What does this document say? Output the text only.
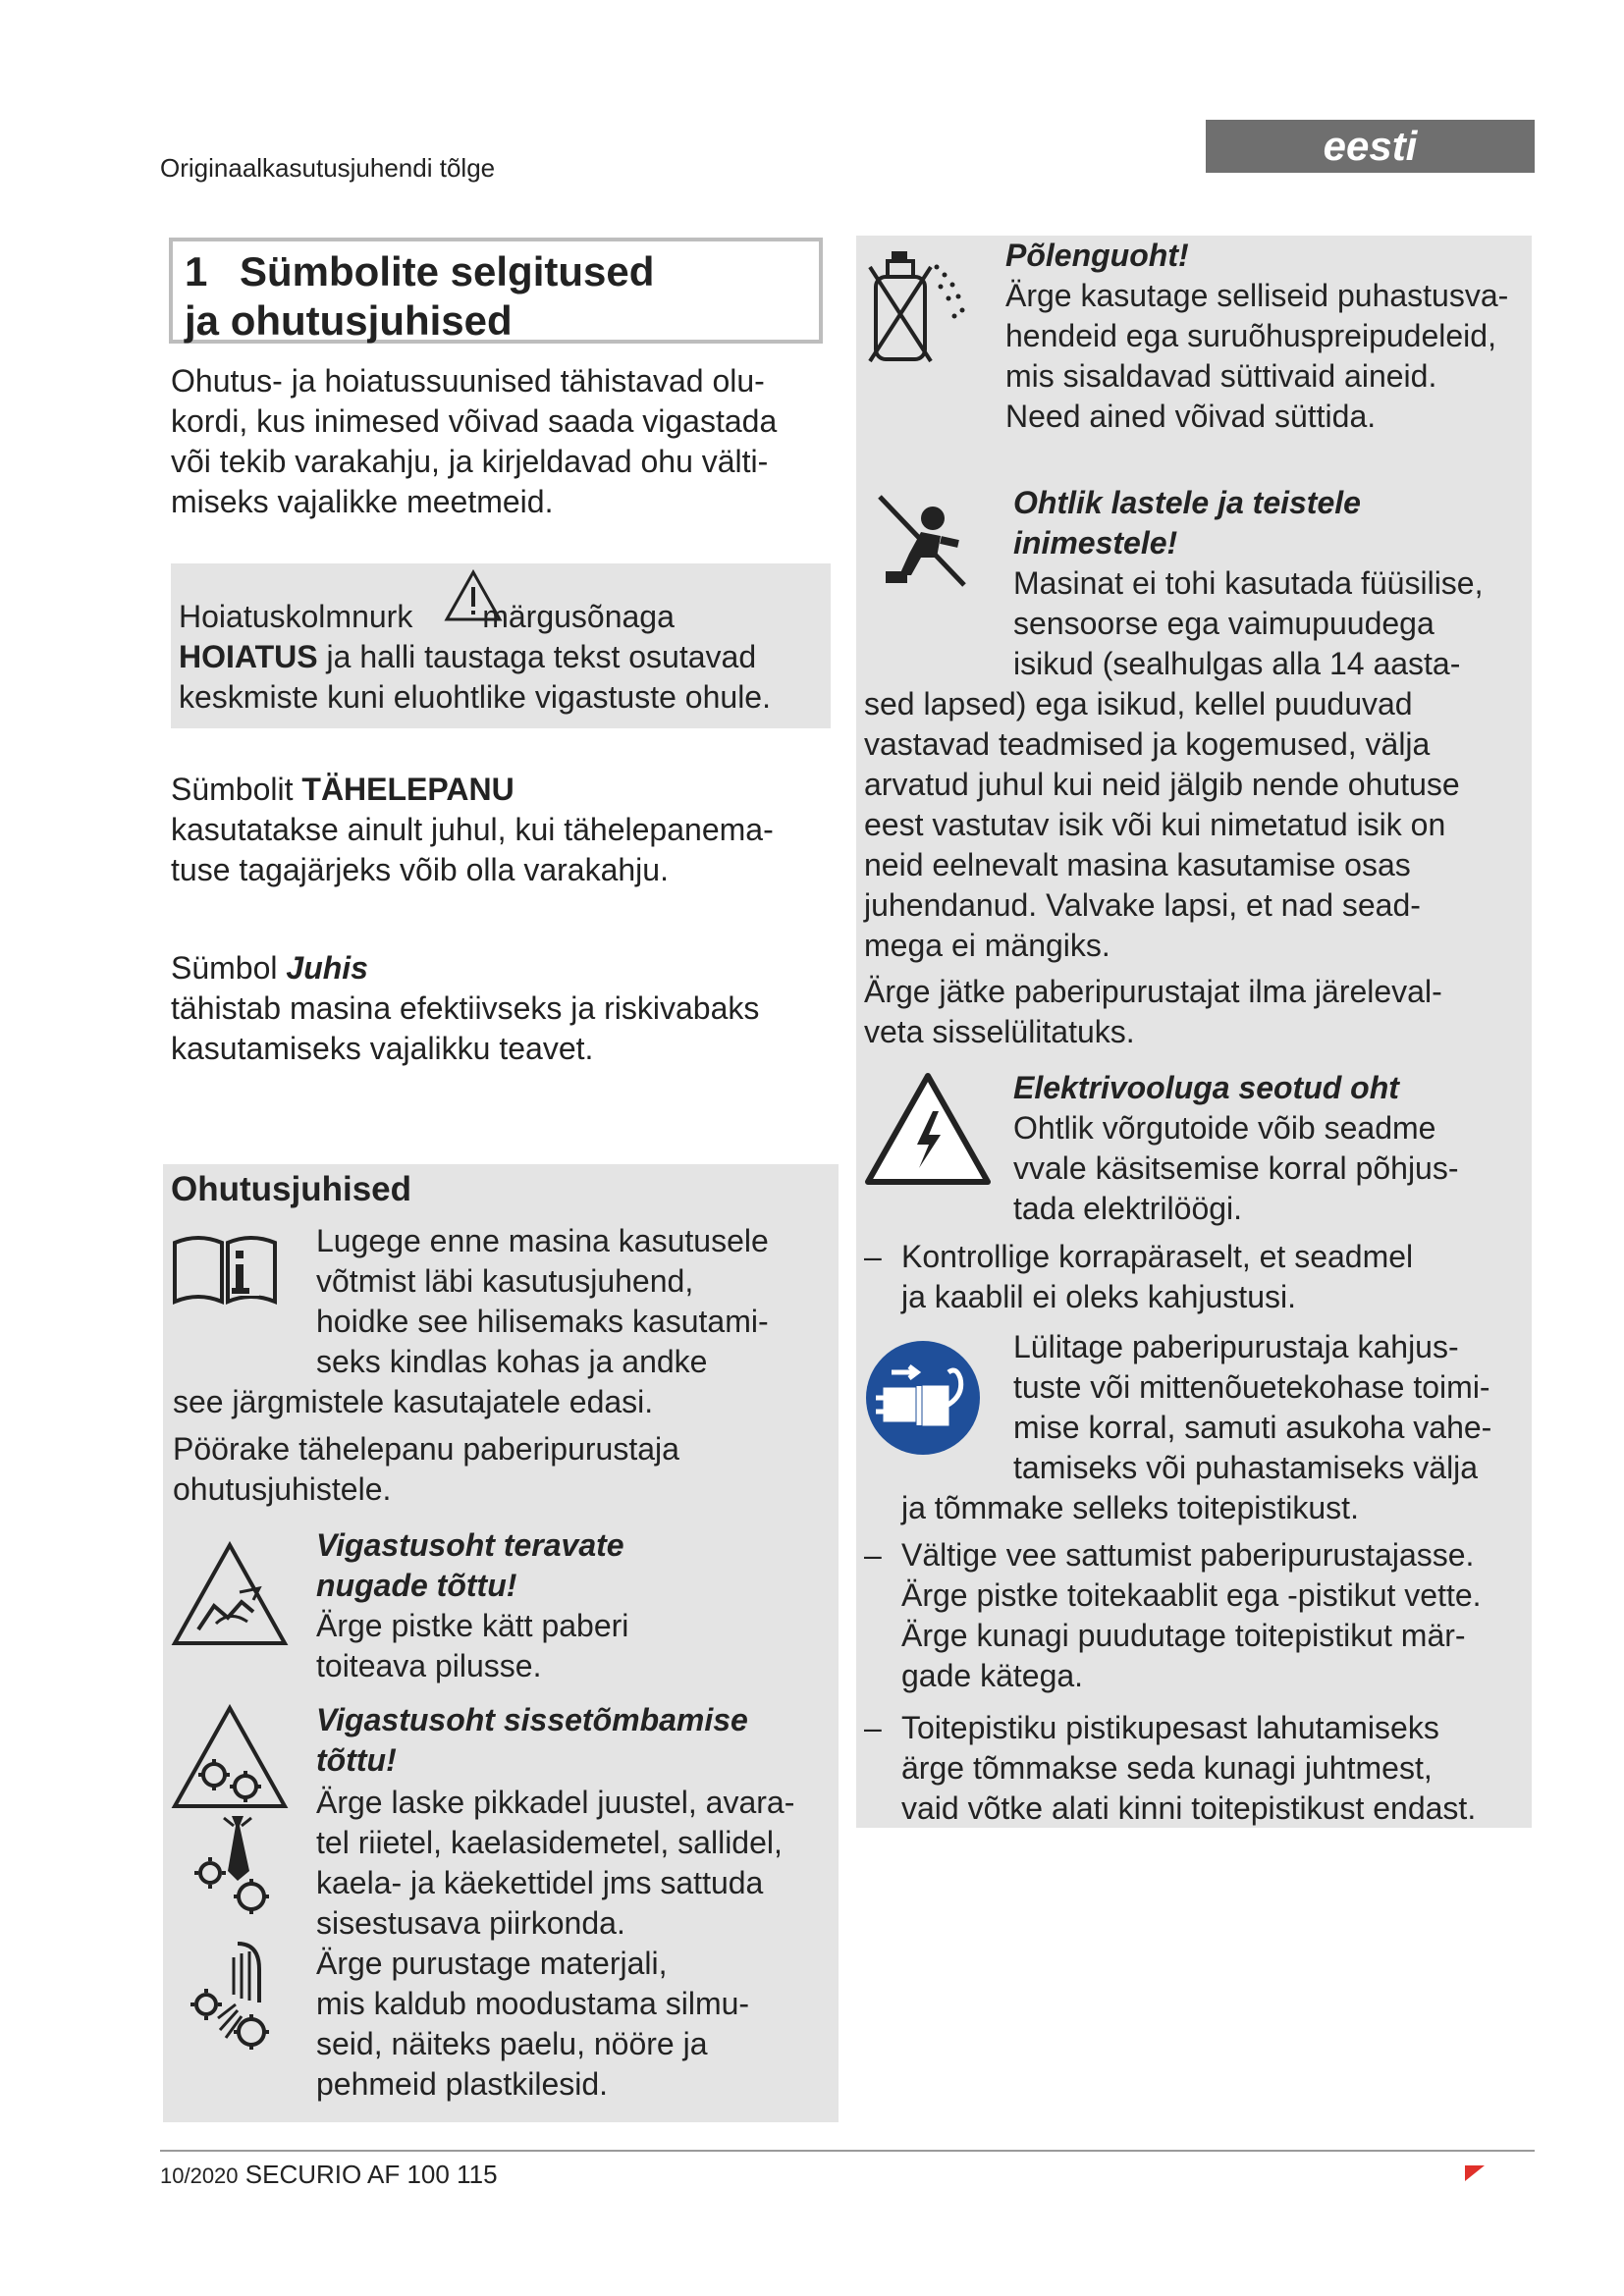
Originaalkasutusjuhendi tõlge	eesti
1 Sümbolite selgitused
ja ohutusjuhised
Ohutus- ja hoiatussuunised tähistavad olu-
kordi, kus inimesed võivad saada vigastada
või tekib varakahju, ja kirjeldavad ohu välti-
miseks vajalikke meetmeid.
Hoiatuskolmnurk märgusõnaga
HOIATUS ja halli taustaga tekst osutavad
keskmiste kuni eluohtlike vigastuste ohule.
Sümbolit TÄHELEPANU
kasutatakse ainult juhul, kui tähelepanema-
tuse tagajärjeks võib olla varakahju.
Sümbol Juhis
tähistab masina efektiivseks ja riskivabaks
kasutamiseks vajalikku teavet.
Ohutusjuhised
Lugege enne masina kasutusele
võtmist läbi kasutusjuhend,
hoidke see hilisemaks kasutami-
seks kindlas kohas ja andke
see järgmistele kasutajatele edasi.
Pöörake tähelepanu paberipurustaja
ohutusjuhistele.
Vigastusoht teravate
nugade tõttu!
Ärge pistke kätt paberi
toiteava pilusse.
Vigastusoht sissetõmbamise
tõttu!
Ärge laske pikkadel juustel, avara-
tel riietel, kaelasidemetel, sallidel,
kaela- ja käekettidel jms sattuda
sisestusava piirkonda.
Ärge purustage materjali,
mis kaldub moodustama silmu-
seid, näiteks paelu, nööre ja
pehmeid plastkilesid.
Põlenguoht!
Ärge kasutage selliseid puhastusva-
hendeid ega suruõhuspreipudeleid,
mis sisaldavad süttivaid aineid.
Need ained võivad süttida.
Ohtlik lastele ja teistele
inimestele!
Masinat ei tohi kasutada füüsilise,
sensoorse ega vaimupuudega
isikud (sealhulgas alla 14 aasta-
sed lapsed) ega isikud, kellel puuduvad
vastavad teadmised ja kogemused, välja
arvatud juhul kui neid jälgib nende ohutuse
eest vastutav isik või kui nimetatud isik on
neid eelnevalt masina kasutamise osas
juhendanud. Valvake lapsi, et nad sead-
mega ei mängiks.
Ärge jätke paberipurustajat ilma järeleval-
veta sisselülitatuks.
Elektrivooluga seotud oht
Ohtlik võrgutoide võib seadme
vvale käsitsemise korral põhjus-
tada elektrilöögi.
– Kontrollige korrapäraselt, et seadmel
ja kaablil ei oleks kahjustusi.
Lülitage paberipurustaja kahjus-
tuste või mittenõuetekohase toimi-
mise korral, samuti asukoha vahe-
tamiseks või puhastamiseks välja
ja tõmmake selleks toitepistikust.
– Vältige vee sattumist paberipurustajasse.
Ärge pistke toitekaablit ega -pistikut vette.
Ärge kunagi puudutage toitepistikut mär-
gade kätega.
– Toitepistiku pistikupesast lahutamiseks
ärge tõmmakse seda kunagi juhtmest,
vaid võtke alati kinni toitepistikust endast.
10/2020 SECURIO AF 100 115
